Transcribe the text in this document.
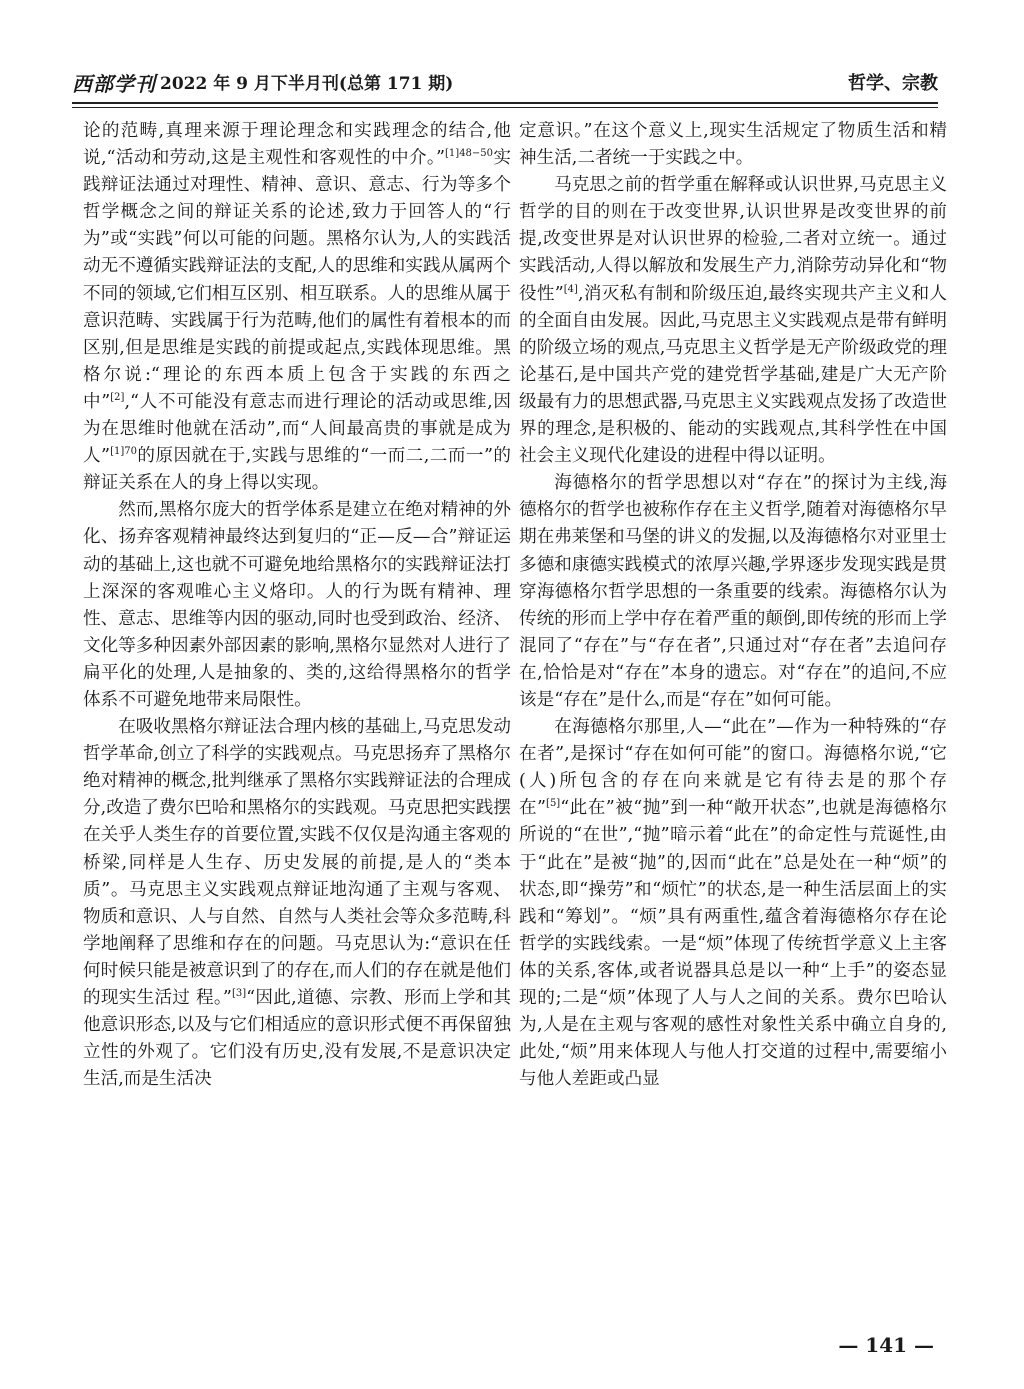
西部学刊 2022 年 9 月下半月刊(总第 171 期)	哲学、宗教

论的范畴,真理来源于理论理念和实践理念的结合,他说,“活动和劳动,这是主观性和客观性的中介。”$^{[1]48-50}$实践辩证法通过对理性、精神、意识、意志、行为等多个哲学概念之间的辩证关系的论述,致力于回答人的“行为”或“实践”何以可能的问题。黑格尔认为,人的实践活动无不遵循实践辩证法的支配,人的思维和实践从属两个不同的领域,它们相互区别、相互联系。人的思维从属于意识范畴、实践属于行为范畴,他们的属性有着根本的而区别,但是思维是实践的前提或起点,实践体现思维。黑格尔说:“理论的东西本质上包含于实践的东西之中”[2],“人不可能没有意志而进行理论的活动或思维,因为在思维时他就在活动”,而“人间最高贵的事就是成为人”$^{[1]70}$的原因就在于,实践与思维的“一而二,二而一”的辩证关系在人的身上得以实现。

然而,黑格尔庞大的哲学体系是建立在绝对精神的外化、扬弃客观精神最终达到复归的“正—反—合”辩证运动的基础上,这也就不可避免地给黑格尔的实践辩证法打上深深的客观唯心主义烙印。人的行为既有精神、理性、意志、思维等内因的驱动,同时也受到政治、经济、文化等多种因素外部因素的影响,黑格尔显然对人进行了扁平化的处理,人是抽象的、类的,这给得黑格尔的哲学体系不可避免地带来局限性。

在吸收黑格尔辩证法合理内核的基础上,马克思发动哲学革命,创立了科学的实践观点。马克思扬弃了黑格尔绝对精神的概念,批判继承了黑格尔实践辩证法的合理成分,改造了费尔巴哈和黑格尔的实践观。马克思把实践摆在关乎人类生存的首要位置,实践不仅仅是沟通主客观的桥梁,同样是人生存、历史发展的前提,是人的“类本质”。马克思主义实践观点辩证地沟通了主观与客观、物质和意识、人与自然、自然与人类社会等众多范畴,科学地阐释了思维和存在的问题。马克思认为:“意识在任何时候只能是被意识到了的存在,而人们的存在就是他们的现实生活过 程。”[3]“因此,道德、宗教、形而上学和其他意识形态,以及与它们相适应的意识形式便不再保留独立性的外观了。它们没有历史,没有发展,不是意识决定生活,而是生活决

定意识。”在这个意义上,现实生活规定了物质生活和精神生活,二者统一于实践之中。

马克思之前的哲学重在解释或认识世界,马克思主义哲学的目的则在于改变世界,认识世界是改变世界的前提,改变世界是对认识世界的检验,二者对立统一。通过实践活动,人得以解放和发展生产力,消除劳动异化和“物役性”[4],消灭私有制和阶级压迫,最终实现共产主义和人的全面自由发展。因此,马克思主义实践观点是带有鲜明的阶级立场的观点,马克思主义哲学是无产阶级政党的理论基石,是中国共产党的建党哲学基础,建是广大无产阶级最有力的思想武器,马克思主义实践观点发扬了改造世界的理念,是积极的、能动的实践观点,其科学性在中国社会主义现代化建设的进程中得以证明。

海德格尔的哲学思想以对“存在”的探讨为主线,海德格尔的哲学也被称作存在主义哲学,随着对海德格尔早期在弗莱堡和马堡的讲义的发掘,以及海德格尔对亚里士多德和康德实践模式的浓厚兴趣,学界逐步发现实践是贯穿海德格尔哲学思想的一条重要的线索。海德格尔认为传统的形而上学中存在着严重的颠倒,即传统的形而上学混同了“存在”与“存在者”,只通过对“存在者”去追问存在,恰恰是对“存在”本身的遗忘。对“存在”的追问,不应该是“存在”是什么,而是“存在”如何可能。

在海德格尔那里,人—“此在”—作为一种特殊的“存在者”,是探讨“存在如何可能”的窗口。海德格尔说,“它(人)所包含的存在向来就是它有待去是的那个存在”[5]“此在”被“抛”到一种“敞开状态”,也就是海德格尔所说的“在世”,“抛”暗示着“此在”的命定性与荒诞性,由于“此在”是被“抛”的,因而“此在”总是处在一种“烦”的状态,即“操劳”和“烦忙”的状态,是一种生活层面上的实践和“筹划”。“烦”具有两重性,蕴含着海德格尔存在论哲学的实践线索。一是“烦”体现了传统哲学意义上主客体的关系,客体,或者说器具总是以一种“上手”的姿态显现的;二是“烦”体现了人与人之间的关系。费尔巴哈认为,人是在主观与客观的感性对象性关系中确立自身的,此处,“烦”用来体现人与他人打交道的过程中,需要缩小与他人差距或凸显

— 141 —
